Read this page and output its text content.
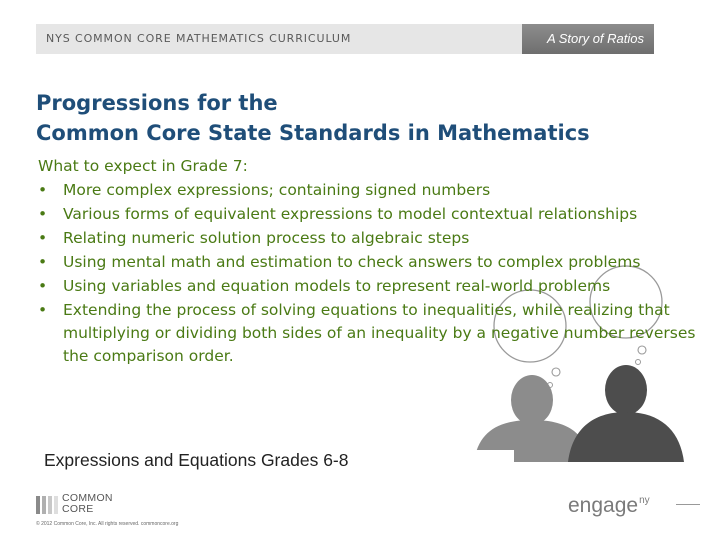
NYS COMMON CORE MATHEMATICS CURRICULUM	A Story of Ratios
Progressions for the
Common Core State Standards in Mathematics

What to expect in Grade 7:

• More complex expressions; containing signed numbers
• Various forms of equivalent expressions to model contextual relationships
• Relating numeric solution process to algebraic steps
• Using mental math and estimation to check answers to complex problems
• Using variables and equation models to represent real-world problems
• Extending the process of solving equations to inequalities, while realizing that multiplying or dividing both sides of an inequality by a negative number reverses the comparison order.
Expressions and Equations Grades 6-8
COMMON
CORE
© 2012 Common Core, Inc. All rights reserved. commoncore.org
engage$^{ny}$
